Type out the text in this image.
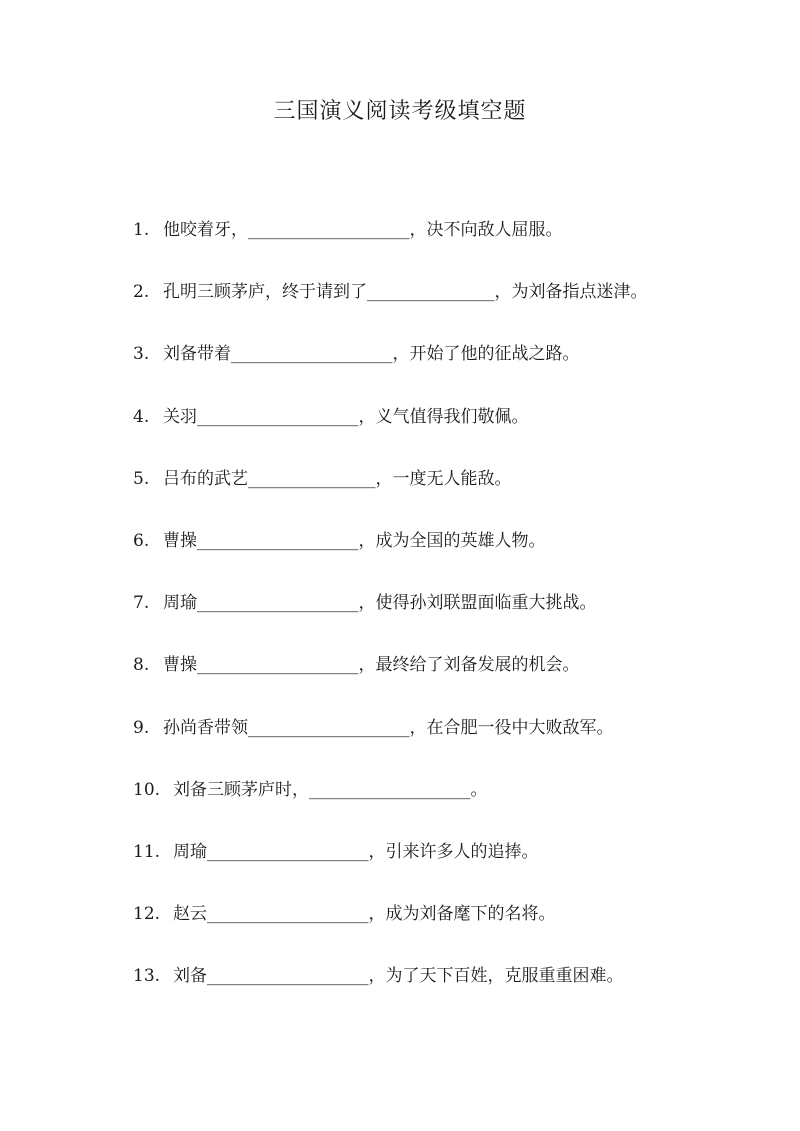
三国演义阅读考级填空题
1. 他咬着牙，___________________，决不向敌人屈服。
2. 孔明三顾茅庐，终于请到了_______________，为刘备指点迷津。
3. 刘备带着___________________，开始了他的征战之路。
4. 关羽___________________，义气值得我们敬佩。
5. 吕布的武艺_______________，一度无人能敌。
6. 曹操___________________，成为全国的英雄人物。
7. 周瑜___________________，使得孙刘联盟面临重大挑战。
8. 曹操___________________，最终给了刘备发展的机会。
9. 孙尚香带领___________________，在合肥一役中大败敌军。
10. 刘备三顾茅庐时，___________________。
11. 周瑜___________________，引来许多人的追捧。
12. 赵云___________________，成为刘备麾下的名将。
13. 刘备___________________，为了天下百姓，克服重重困难。
